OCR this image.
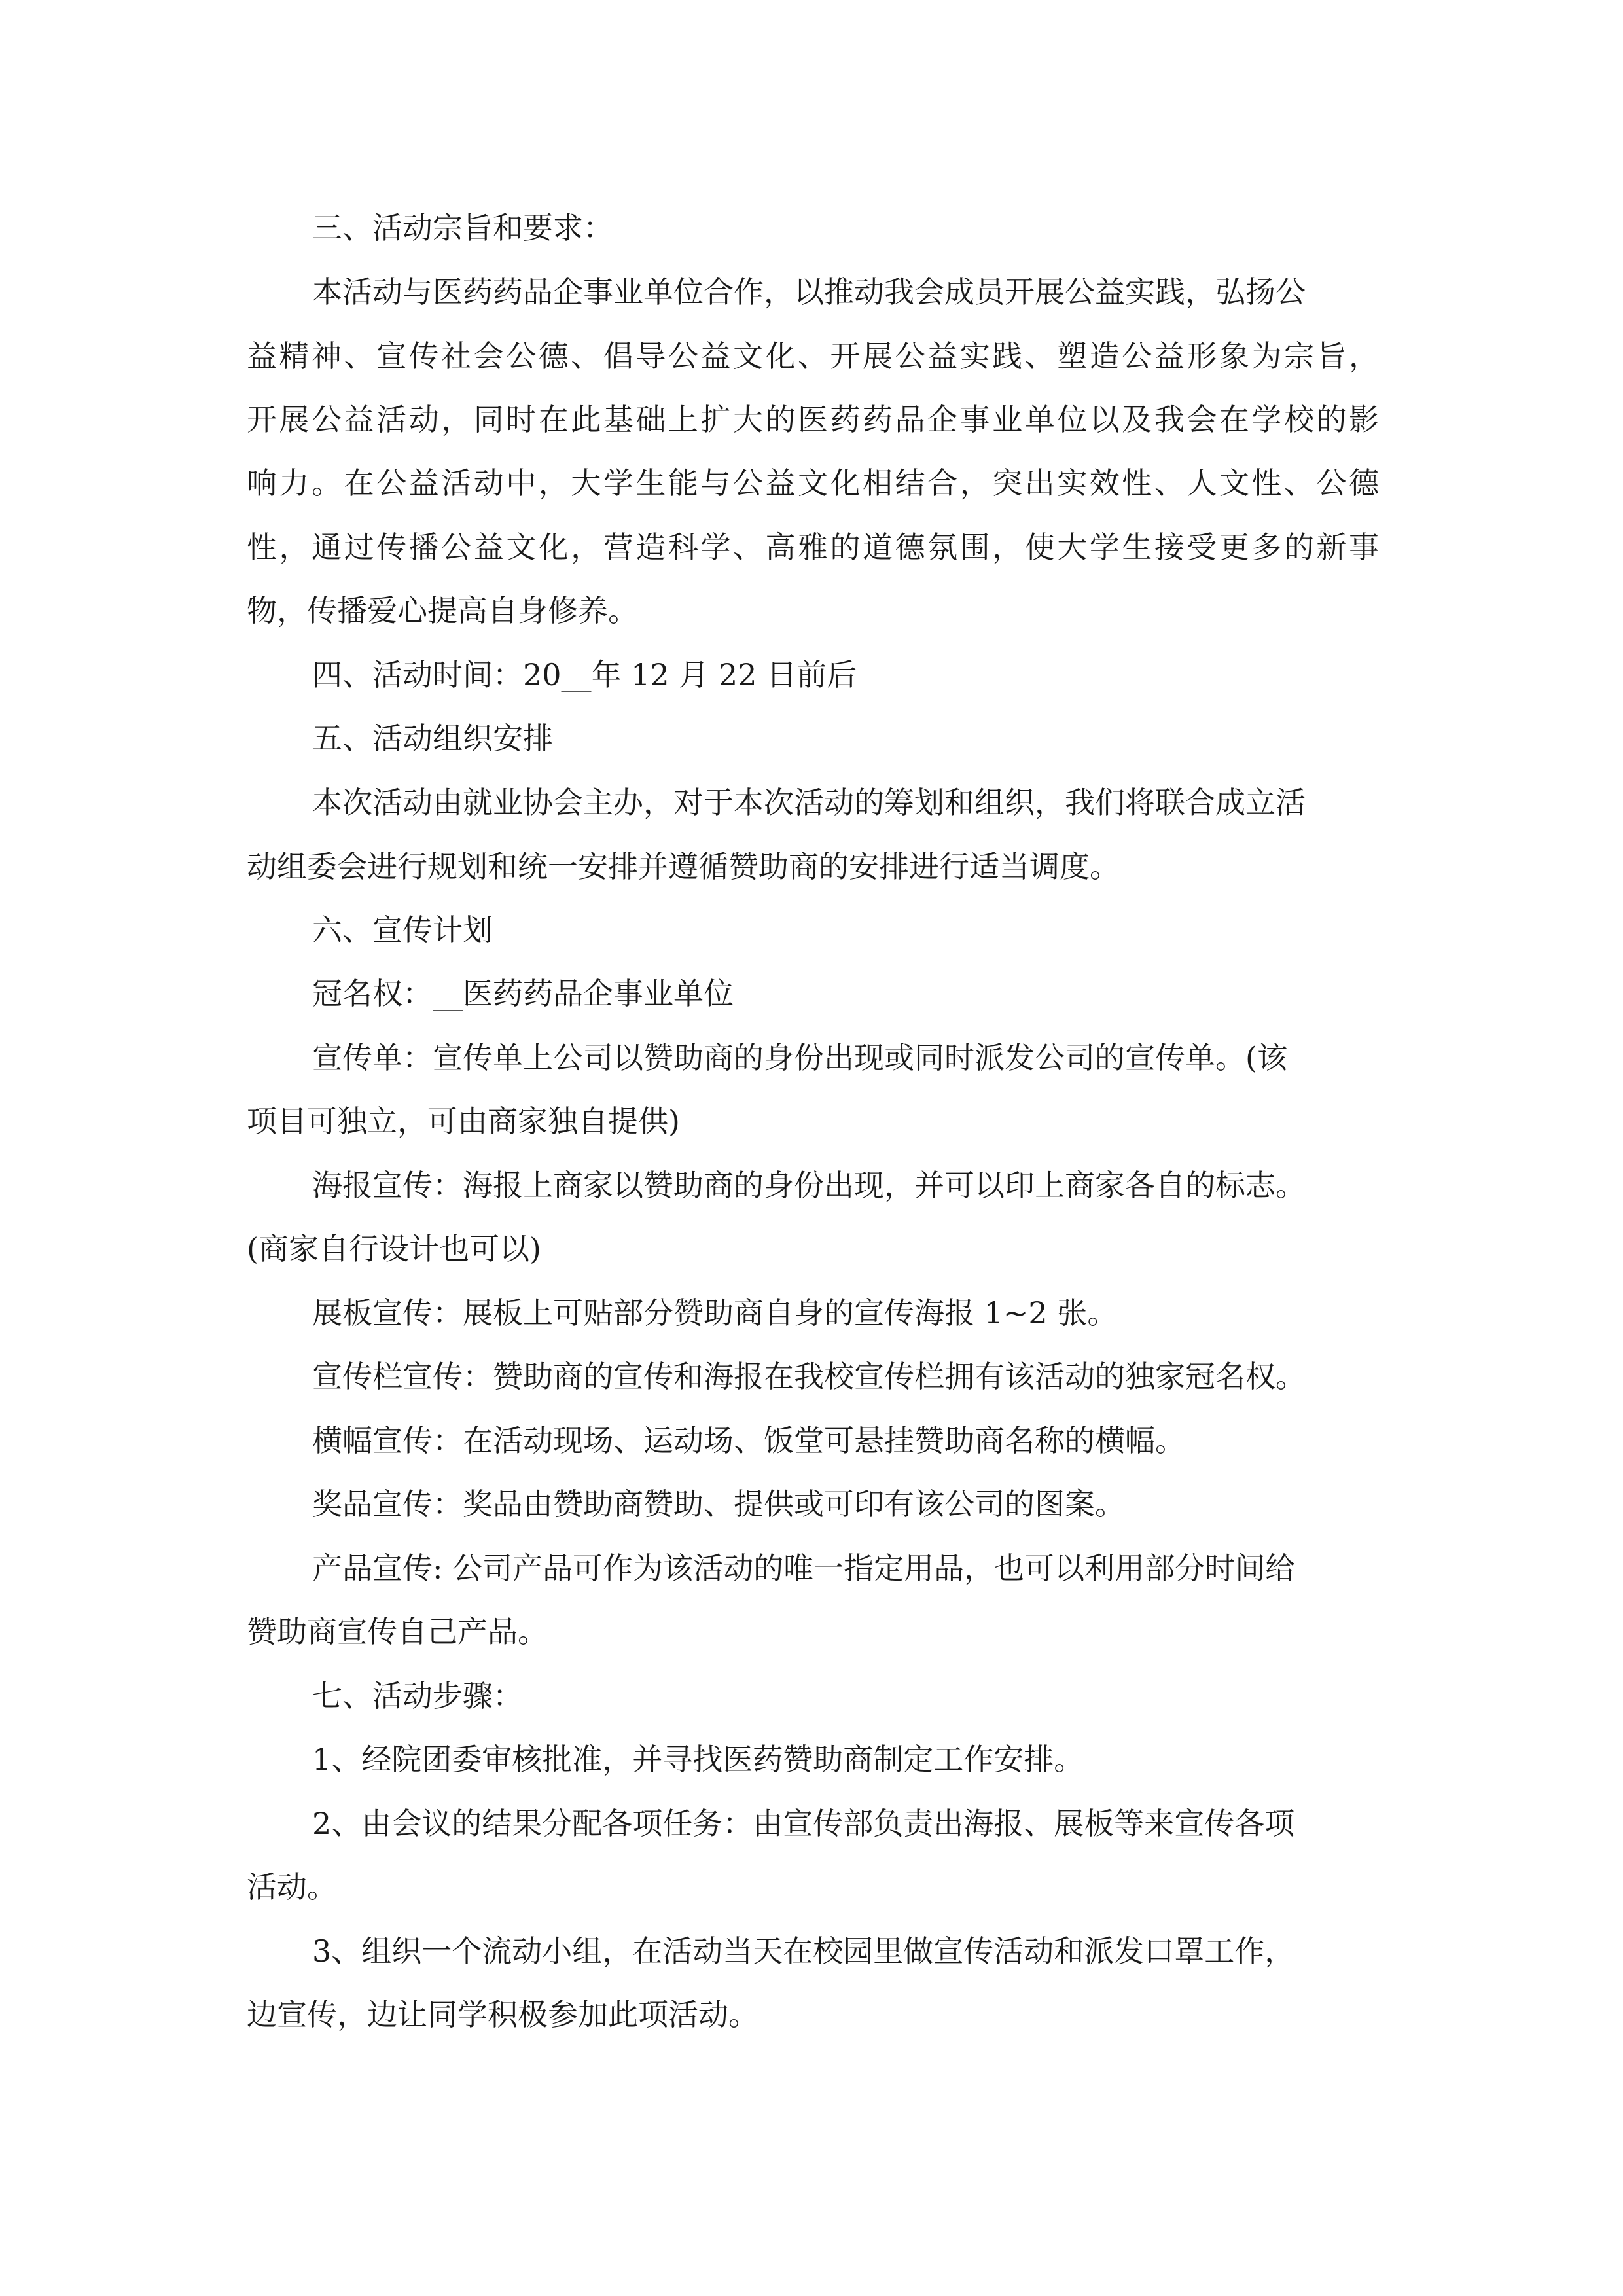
三、活动宗旨和要求：
本活动与医药药品企事业单位合作，以推动我会成员开展公益实践，弘扬公
益精神、宣传社会公德、倡导公益文化、开展公益实践、塑造公益形象为宗旨，
开展公益活动，同时在此基础上扩大的医药药品企事业单位以及我会在学校的影
响力。在公益活动中，大学生能与公益文化相结合，突出实效性、人文性、公德
性，通过传播公益文化，营造科学、高雅的道德氛围，使大学生接受更多的新事
物，传播爱心提高自身修养。
四、活动时间：20__年 12 月 22 日前后
五、活动组织安排
本次活动由就业协会主办，对于本次活动的筹划和组织，我们将联合成立活
动组委会进行规划和统一安排并遵循赞助商的安排进行适当调度。
六、宣传计划
冠名权：__医药药品企事业单位
宣传单：宣传单上公司以赞助商的身份出现或同时派发公司的宣传单。(该
项目可独立，可由商家独自提供)
海报宣传：海报上商家以赞助商的身份出现，并可以印上商家各自的标志。
(商家自行设计也可以)
展板宣传：展板上可贴部分赞助商自身的宣传海报 1~2 张。
宣传栏宣传：赞助商的宣传和海报在我校宣传栏拥有该活动的独家冠名权。
横幅宣传：在活动现场、运动场、饭堂可悬挂赞助商名称的横幅。
奖品宣传：奖品由赞助商赞助、提供或可印有该公司的图案。
产品宣传: 公司产品可作为该活动的唯一指定用品，也可以利用部分时间给
赞助商宣传自己产品。
七、活动步骤：
1、经院团委审核批准，并寻找医药赞助商制定工作安排。
2、由会议的结果分配各项任务：由宣传部负责出海报、展板等来宣传各项
活动。
3、组织一个流动小组，在活动当天在校园里做宣传活动和派发口罩工作，
边宣传，边让同学积极参加此项活动。
